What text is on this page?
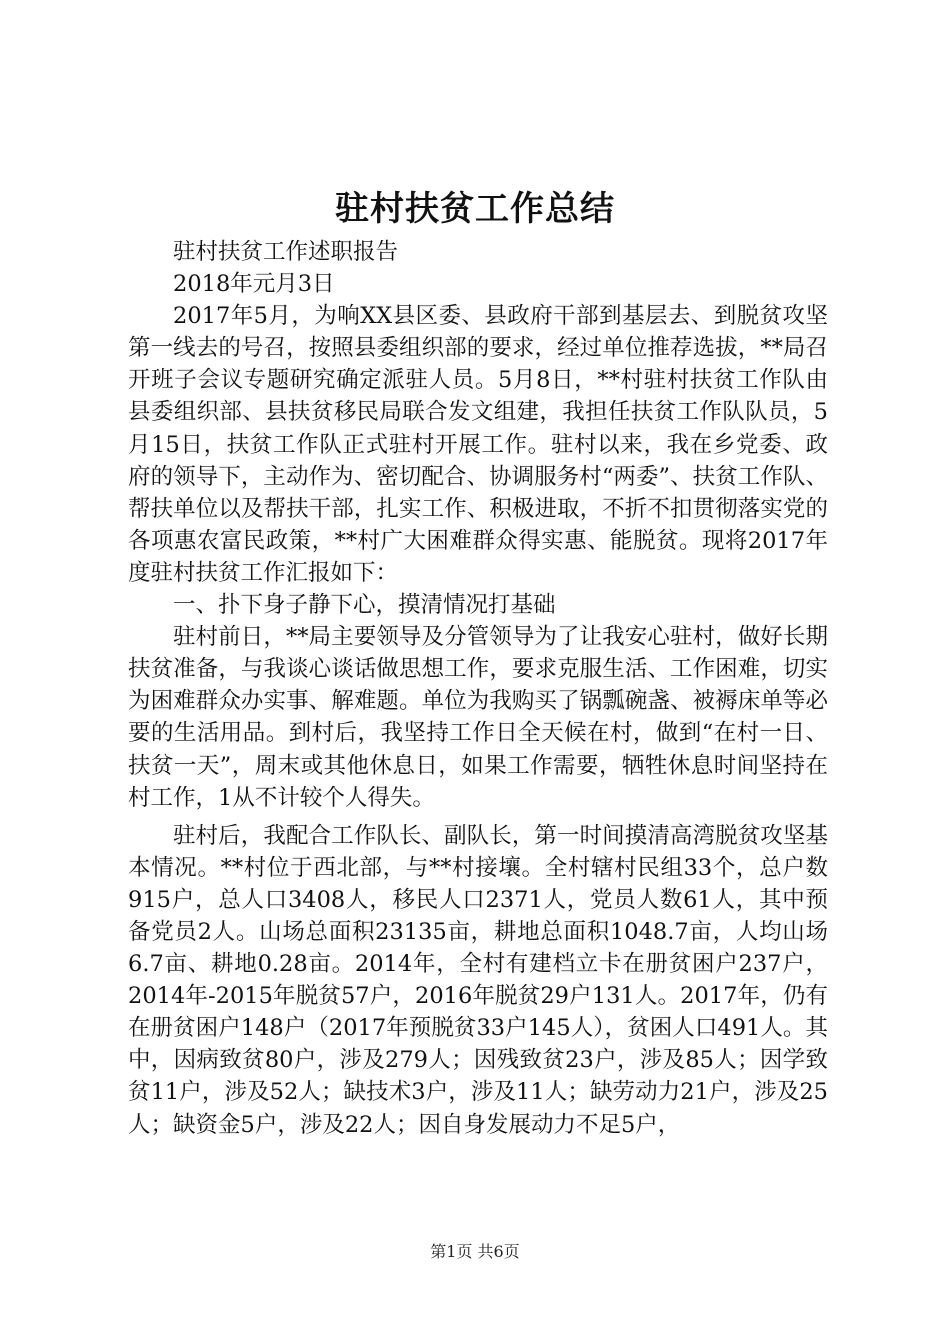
驻村扶贫工作总结

驻村扶贫工作述职报告

2018年元月3日

2017年5月，为响XX县区委、县政府干部到基层去、到脱贫攻坚第一线去的号召，按照县委组织部的要求，经过单位推荐选拔，**局召开班子会议专题研究确定派驻人员。5月8日，**村驻村扶贫工作队由县委组织部、县扶贫移民局联合发文组建，我担任扶贫工作队队员，5月15日，扶贫工作队正式驻村开展工作。驻村以来，我在乡党委、政府的领导下，主动作为、密切配合、协调服务村“两委”、扶贫工作队、帮扶单位以及帮扶干部，扎实工作、积极进取，不折不扣贯彻落实党的各项惠农富民政策，**村广大困难群众得实惠、能脱贫。现将2017年度驻村扶贫工作汇报如下：

一、扑下身子静下心，摸清情况打基础

驻村前日，**局主要领导及分管领导为了让我安心驻村，做好长期扶贫准备，与我谈心谈话做思想工作，要求克服生活、工作困难，切实为困难群众办实事、解难题。单位为我购买了锅瓢碗盏、被褥床单等必要的生活用品。到村后，我坚持工作日全天候在村，做到“在村一日、扶贫一天”，周末或其他休息日，如果工作需要，牺牲休息时间坚持在村工作，1从不计较个人得失。

驻村后，我配合工作队长、副队长，第一时间摸清高湾脱贫攻坚基本情况。**村位于西北部，与**村接壤。全村辖村民组33个，总户数915户，总人口3408人，移民人口2371人，党员人数61人，其中预备党员2人。山场总面积23135亩，耕地总面积1048.7亩，人均山场6.7亩、耕地0.28亩。2014年，全村有建档立卡在册贫困户237户，2014年-2015年脱贫57户，2016年脱贫29户131人。2017年，仍有在册贫困户148户（2017年预脱贫33户145人），贫困人口491人。其中，因病致贫80户，涉及279人；因残致贫23户，涉及85人；因学致贫11户，涉及52人；缺技术3户，涉及11人；缺劳动力21户，涉及25人；缺资金5户，涉及22人；因自身发展动力不足5户，

第1页 共6页
